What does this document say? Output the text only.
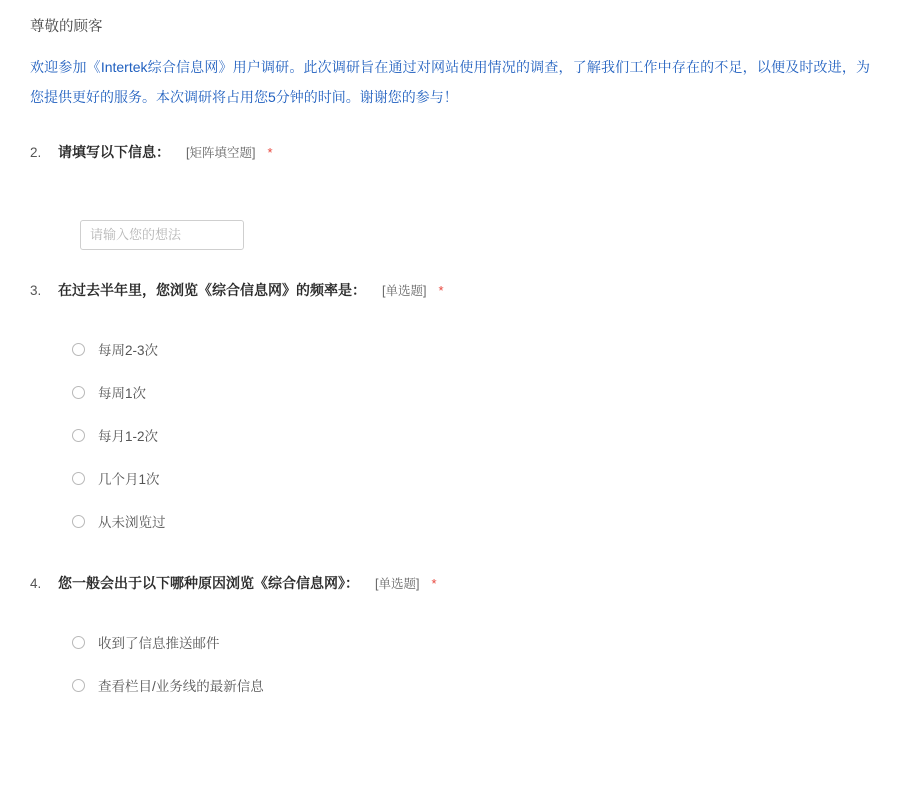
尊敬的顾客
欢迎参加《Intertek综合信息网》用户调研。此次调研旨在通过对网站使用情况的调查，了解我们工作中存在的不足，以便及时改进，为您提供更好的服务。本次调研将占用您5分钟的时间。谢谢您的参与！
2.	请填写以下信息： [矩阵填空题] *
请输入您的想法
3.	在过去半年里，您浏览《综合信息网》的频率是： [单选题] *
每周2-3次
每周1次
每月1-2次
几个月1次
从未浏览过
4.	您一般会出于以下哪种原因浏览《综合信息网》： [单选题] *
收到了信息推送邮件
查看栏目/业务线的最新信息
